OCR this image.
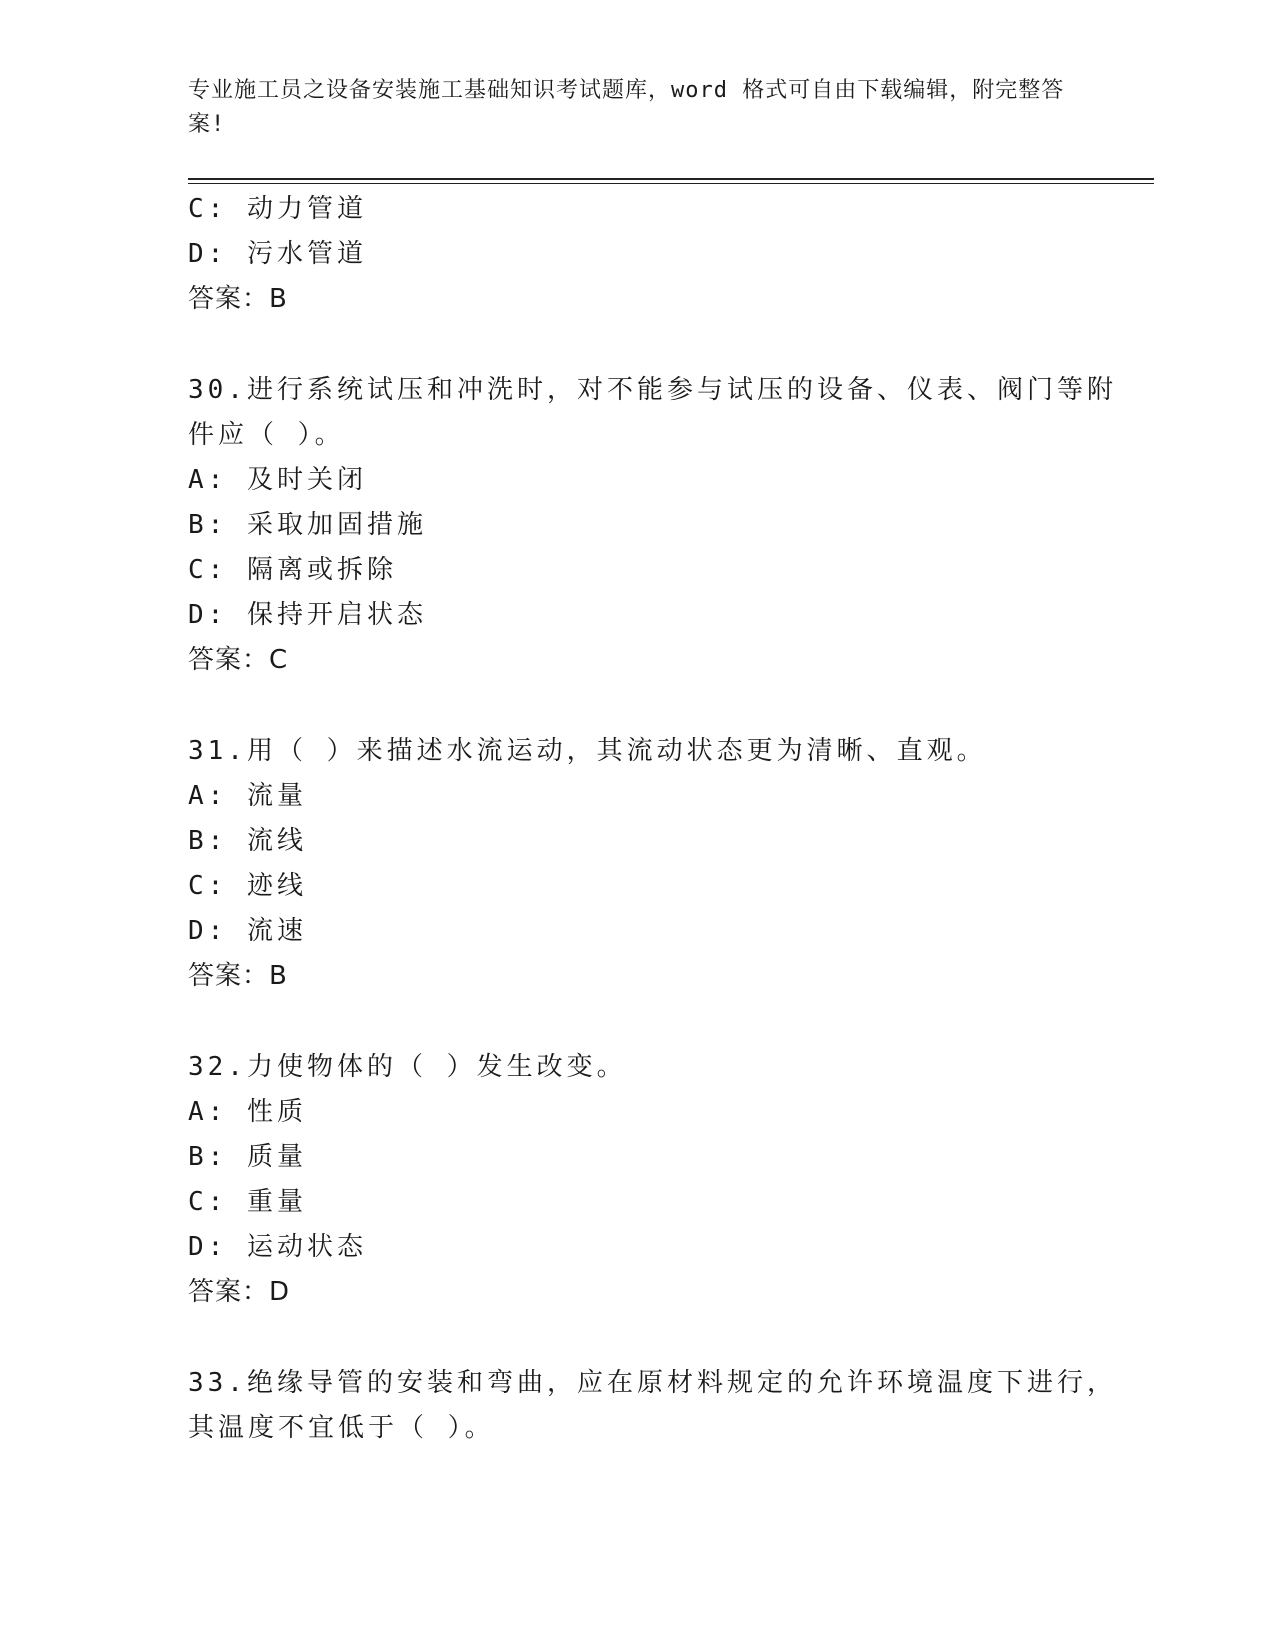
专业施工员之设备安装施工基础知识考试题库，word 格式可自由下载编辑，附完整答案!
C: 动力管道
D: 污水管道
答案：B
30.进行系统试压和冲洗时，对不能参与试压的设备、仪表、阀门等附
件应（ ）。
A: 及时关闭
B: 采取加固措施
C: 隔离或拆除
D: 保持开启状态
答案：C
31.用（ ）来描述水流运动，其流动状态更为清晰、直观。
A: 流量
B: 流线
C: 迹线
D: 流速
答案：B
32.力使物体的（ ）发生改变。
A: 性质
B: 质量
C: 重量
D: 运动状态
答案：D
33.绝缘导管的安装和弯曲，应在原材料规定的允许环境温度下进行，
其温度不宜低于（ ）。
